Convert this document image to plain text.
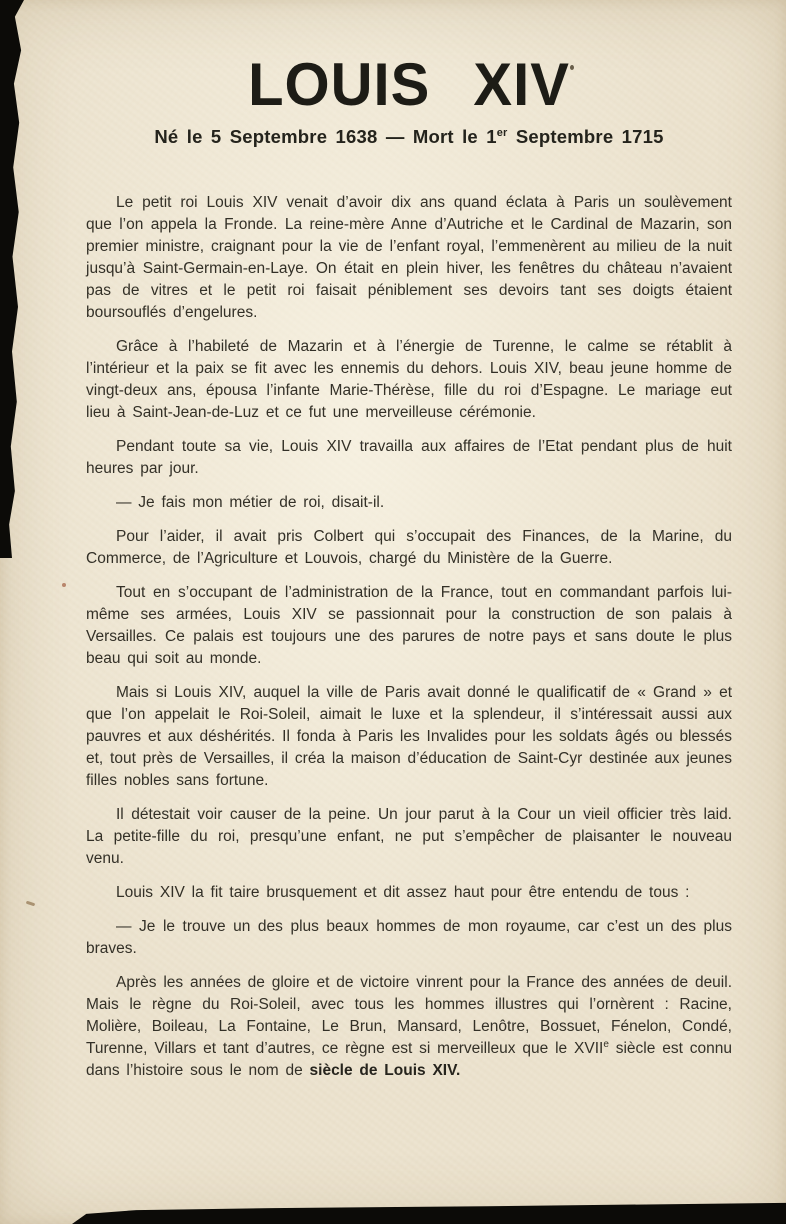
LOUIS XIV

Né le 5 Septembre 1638 — Mort le 1er Septembre 1715

Le petit roi Louis XIV venait d’avoir dix ans quand éclata à Paris un soulèvement que l’on appela la Fronde. La reine-mère Anne d’Autriche et le Cardinal de Mazarin, son premier ministre, craignant pour la vie de l’enfant royal, l’emmenèrent au milieu de la nuit jusqu’à Saint-Germain-en-Laye. On était en plein hiver, les fenêtres du château n’avaient pas de vitres et le petit roi faisait péniblement ses devoirs tant ses doigts étaient boursouflés d’engelures.

Grâce à l’habileté de Mazarin et à l’énergie de Turenne, le calme se rétablit à l’intérieur et la paix se fit avec les ennemis du dehors. Louis XIV, beau jeune homme de vingt-deux ans, épousa l’infante Marie-Thérèse, fille du roi d’Espagne. Le mariage eut lieu à Saint-Jean-de-Luz et ce fut une merveilleuse cérémonie.

Pendant toute sa vie, Louis XIV travailla aux affaires de l’Etat pendant plus de huit heures par jour.

— Je fais mon métier de roi, disait-il.

Pour l’aider, il avait pris Colbert qui s’occupait des Finances, de la Marine, du Commerce, de l’Agriculture et Louvois, chargé du Ministère de la Guerre.

Tout en s’occupant de l’administration de la France, tout en commandant parfois lui-même ses armées, Louis XIV se passionnait pour la construction de son palais à Versailles. Ce palais est toujours une des parures de notre pays et sans doute le plus beau qui soit au monde.

Mais si Louis XIV, auquel la ville de Paris avait donné le qualificatif de « Grand » et que l’on appelait le Roi-Soleil, aimait le luxe et la splendeur, il s’intéressait aussi aux pauvres et aux déshérités. Il fonda à Paris les Invalides pour les soldats âgés ou blessés et, tout près de Versailles, il créa la maison d’éducation de Saint-Cyr destinée aux jeunes filles nobles sans fortune.

Il détestait voir causer de la peine. Un jour parut à la Cour un vieil officier très laid. La petite-fille du roi, presqu’une enfant, ne put s’empêcher de plaisanter le nouveau venu.

Louis XIV la fit taire brusquement et dit assez haut pour être entendu de tous :

— Je le trouve un des plus beaux hommes de mon royaume, car c’est un des plus braves.

Après les années de gloire et de victoire vinrent pour la France des années de deuil. Mais le règne du Roi-Soleil, avec tous les hommes illustres qui l’ornèrent : Racine, Molière, Boileau, La Fontaine, Le Brun, Mansard, Lenôtre, Bossuet, Fénelon, Condé, Turenne, Villars et tant d’autres, ce règne est si merveilleux que le XVIIe siècle est connu dans l’histoire sous le nom de siècle de Louis XIV.
